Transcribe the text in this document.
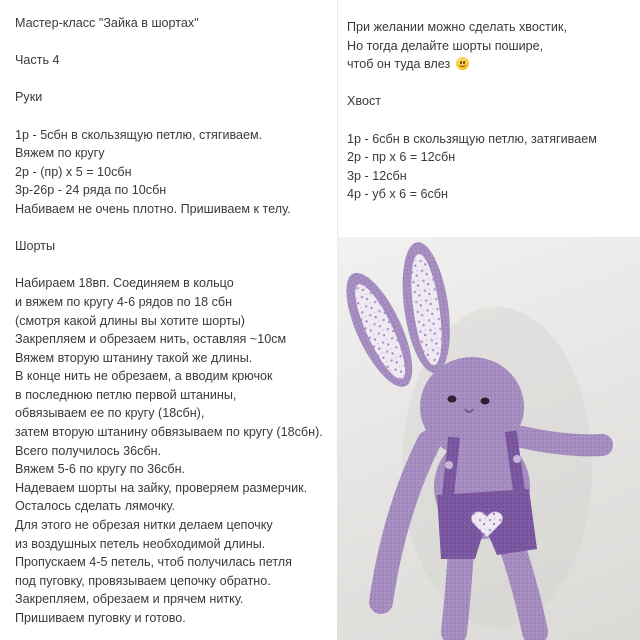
Мастер-класс "Зайка в шортах"
Часть 4
Руки
1р - 5сбн в скользящую петлю, стягиваем.
Вяжем по кругу
2р - (пр) х 5 = 10сбн
3р-26р - 24 ряда по 10сбн
Набиваем не очень плотно. Пришиваем к телу.
Шорты
Набираем 18вп. Соединяем в кольцо
и вяжем по кругу 4-6 рядов по 18 сбн
(смотря какой длины вы хотите шорты)
Закрепляем и обрезаем нить, оставляя ~10см
Вяжем вторую штанину такой же длины.
В конце нить не обрезаем, а вводим крючок
в последнюю петлю первой штанины,
обвязываем ее по кругу (18сбн),
затем вторую штанину обвязываем по кругу (18сбн).
Всего получилось 36сбн.
Вяжем 5-6 по кругу по 36сбн.
Надеваем шорты на зайку, проверяем размерчик.
Осталось сделать лямочку.
Для этого не обрезая нитки делаем цепочку
из воздушных петель необходимой длины.
Пропускаем 4-5 петель, чтоб получилась петля
под пуговку, провязываем цепочку обратно.
Закрепляем, обрезаем и прячем нитку.
Пришиваем пуговку и готово.
При желании можно сделать хвостик,
Но тогда делайте шорты пошире,
чтоб он туда влез
Хвост
1р - 6сбн в скользящую петлю, затягиваем
2р - пр х 6 = 12сбн
3р - 12сбн
4р - уб х 6 = 6сбн
